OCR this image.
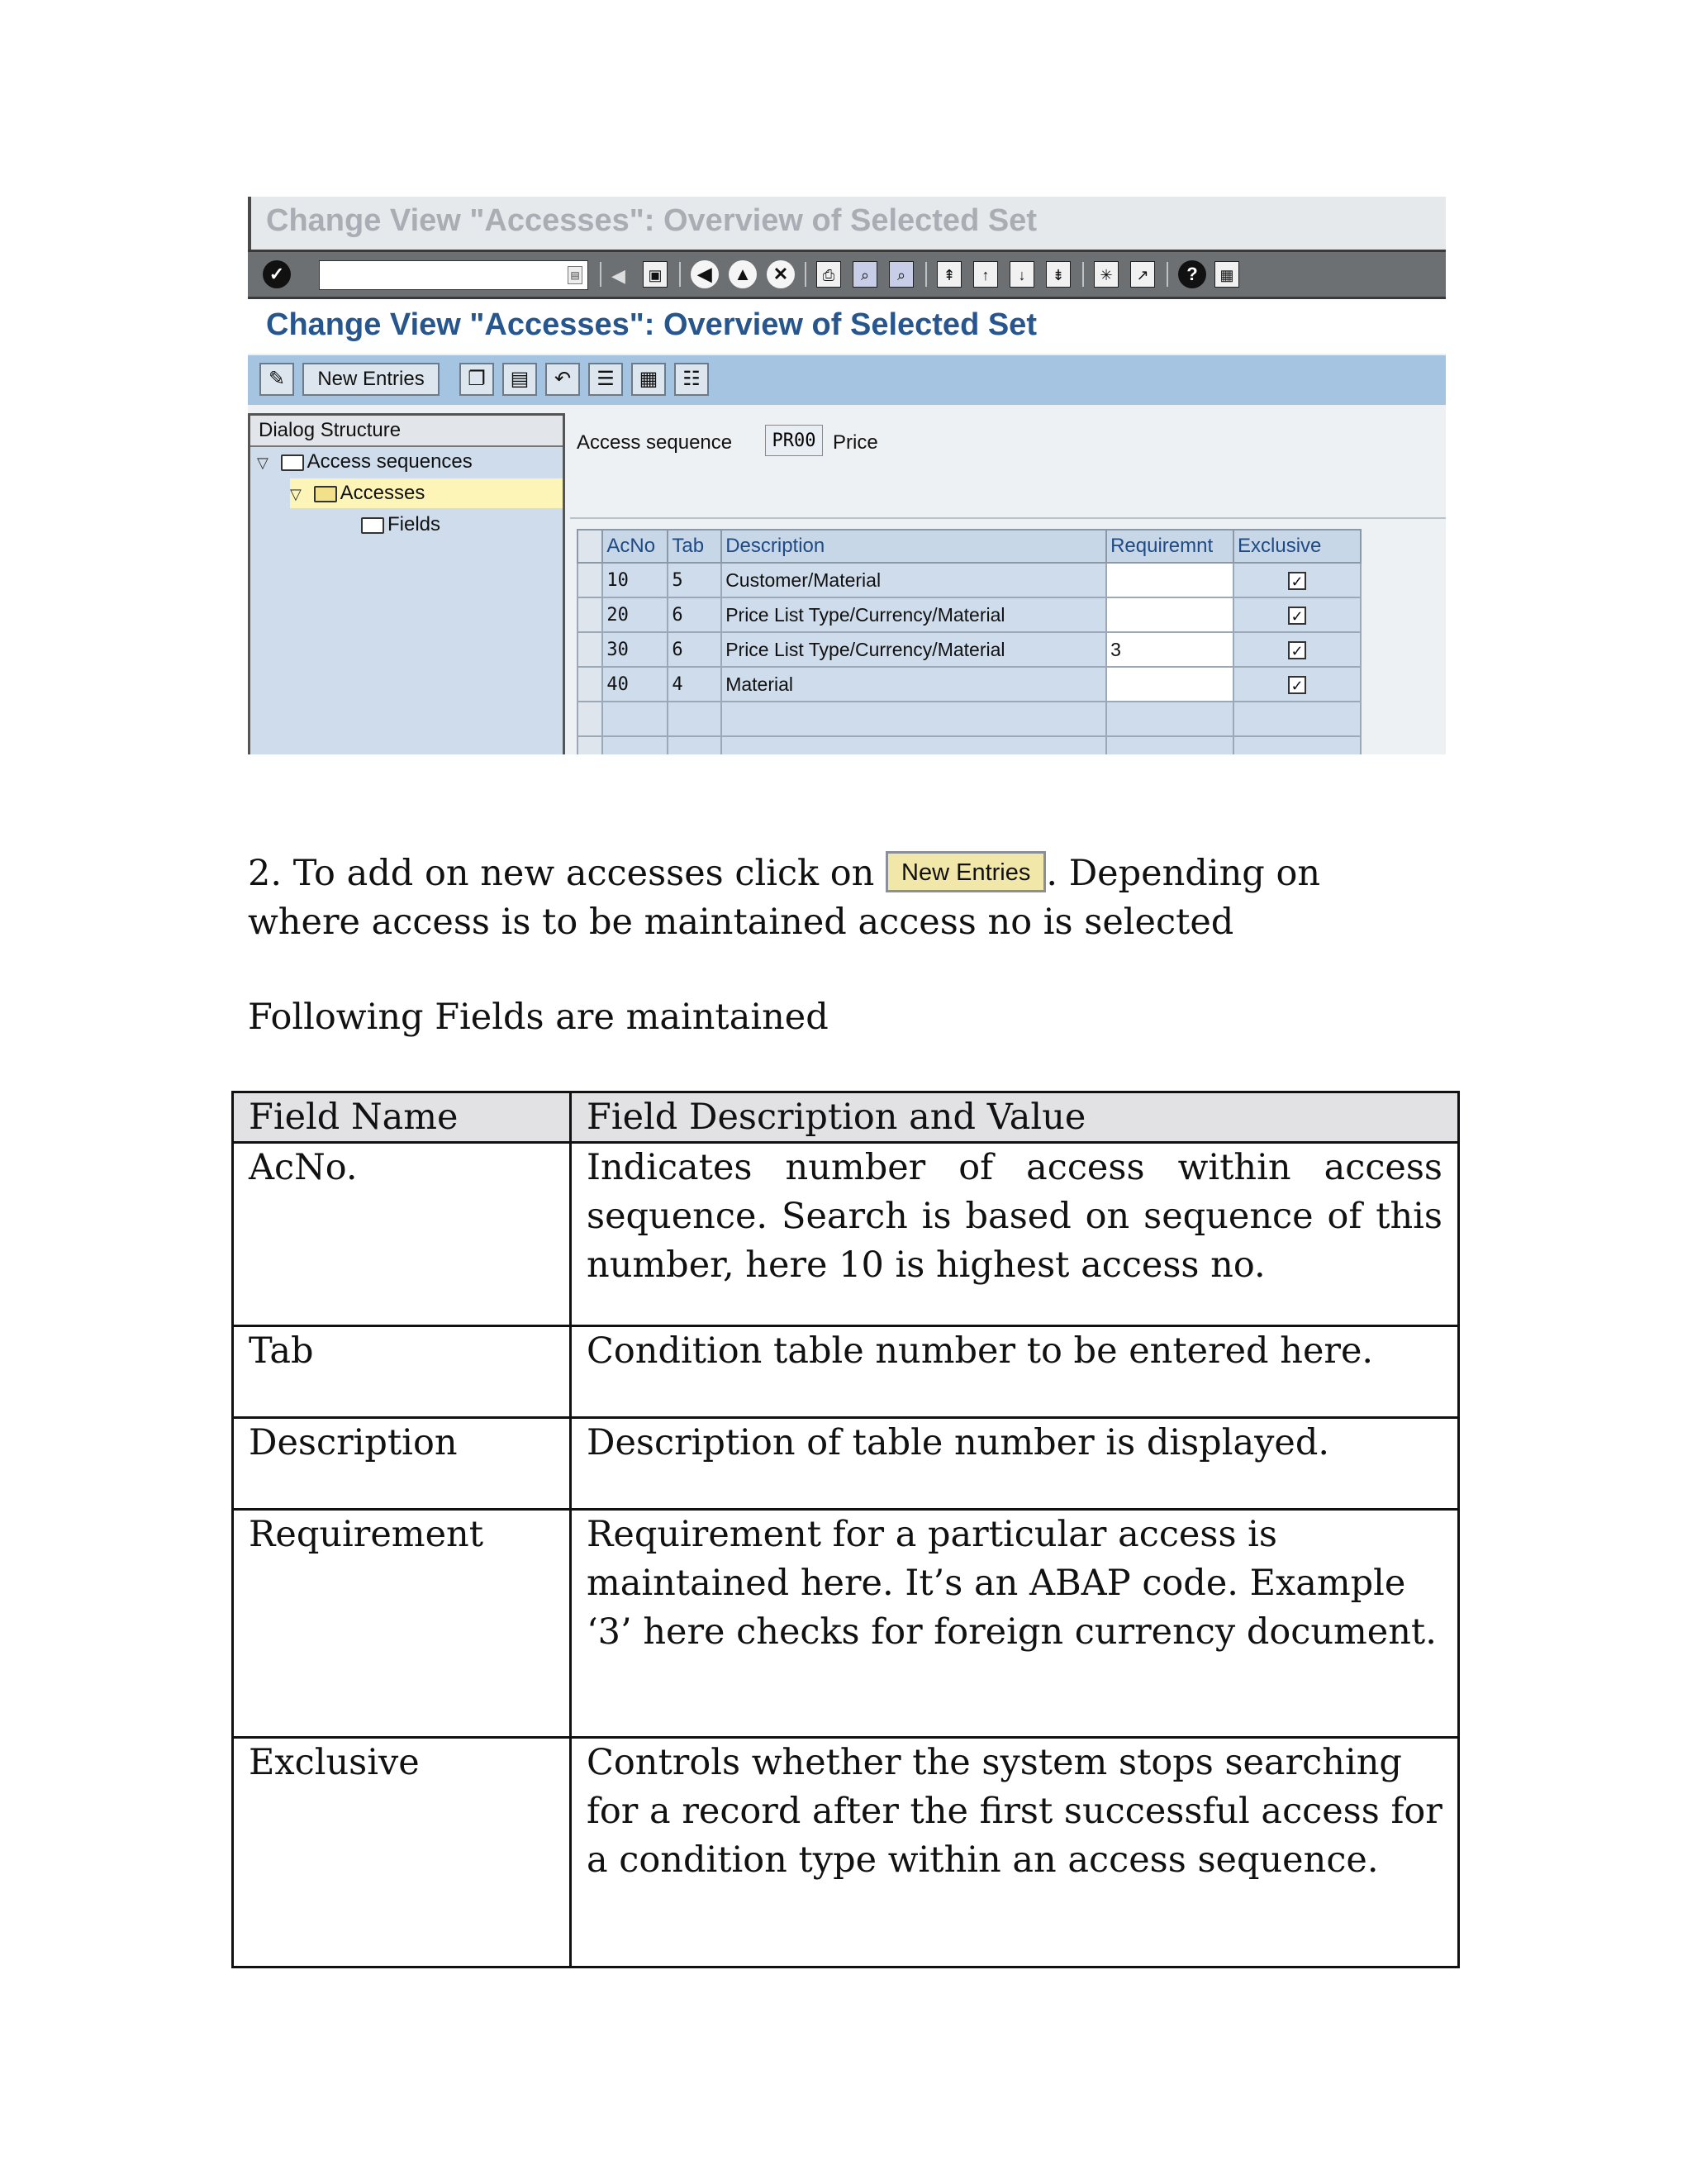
Change View "Accesses": Overview of Selected Set
✓	▤ ◀	▣	◀	▲	✕	⎙	⌕	⌕	⇞	↑	↓	⇟	✳	↗	?	▦
Change View "Accesses": Overview of Selected Set
✎	New Entries	❐	▤	↶	☰	▦	☷
Dialog Structure
▽ Access sequences
▽ Accesses
Fields
Access sequence	PR00 Price
	AcNo	Tab	Description	Requiremnt	Exclusive
	10	5	Customer/Material		✓
	20	6	Price List Type/Currency/Material		✓
	30	6	Price List Type/Currency/Material	3	✓
	40	4	Material		✓

2. To add on new accesses click on New Entries . Depending on
where access is to be maintained access no is selected
Following Fields are maintained
Field Name	Field Description and Value
AcNo.	Indicates number of access within access sequence. Search is based on sequence of this number, here 10 is highest access no.
Tab	Condition table number to be entered here.
Description	Description of table number is displayed.
Requirement	Requirement for a particular access is maintained here. It’s an ABAP code. Example ‘3’ here checks for foreign currency document.
Exclusive	Controls whether the system stops searching for a record after the first successful access for a condition type within an access sequence.
